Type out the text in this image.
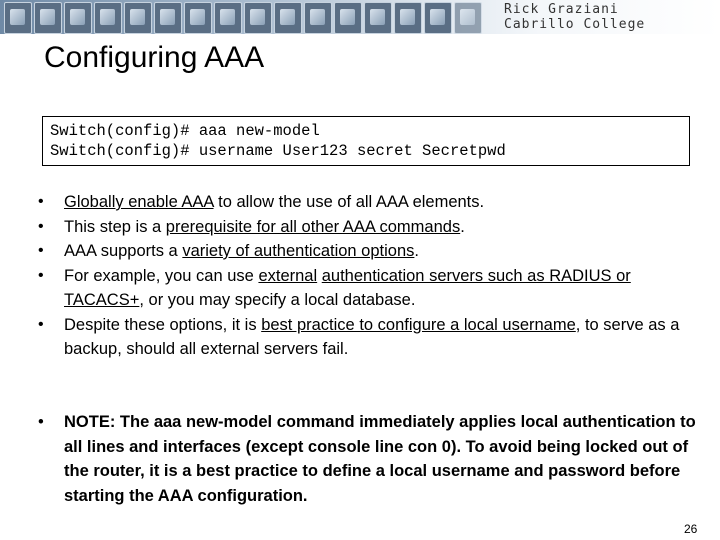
Rick Graziani
Cabrillo College
Configuring AAA
Switch(config)# aaa new-model
Switch(config)# username User123 secret Secretpwd
• Globally enable AAA to allow the use of all AAA elements.
• This step is a prerequisite for all other AAA commands.
• AAA supports a variety of authentication options.
• For example, you can use external authentication servers such as RADIUS or TACACS+, or you may specify a local database.
• Despite these options, it is best practice to configure a local username, to serve as a backup, should all external servers fail.
• NOTE: The aaa new-model command immediately applies local authentication to all lines and interfaces (except console line con 0). To avoid being locked out of the router, it is a best practice to define a local username and password before starting the AAA configuration.
26
